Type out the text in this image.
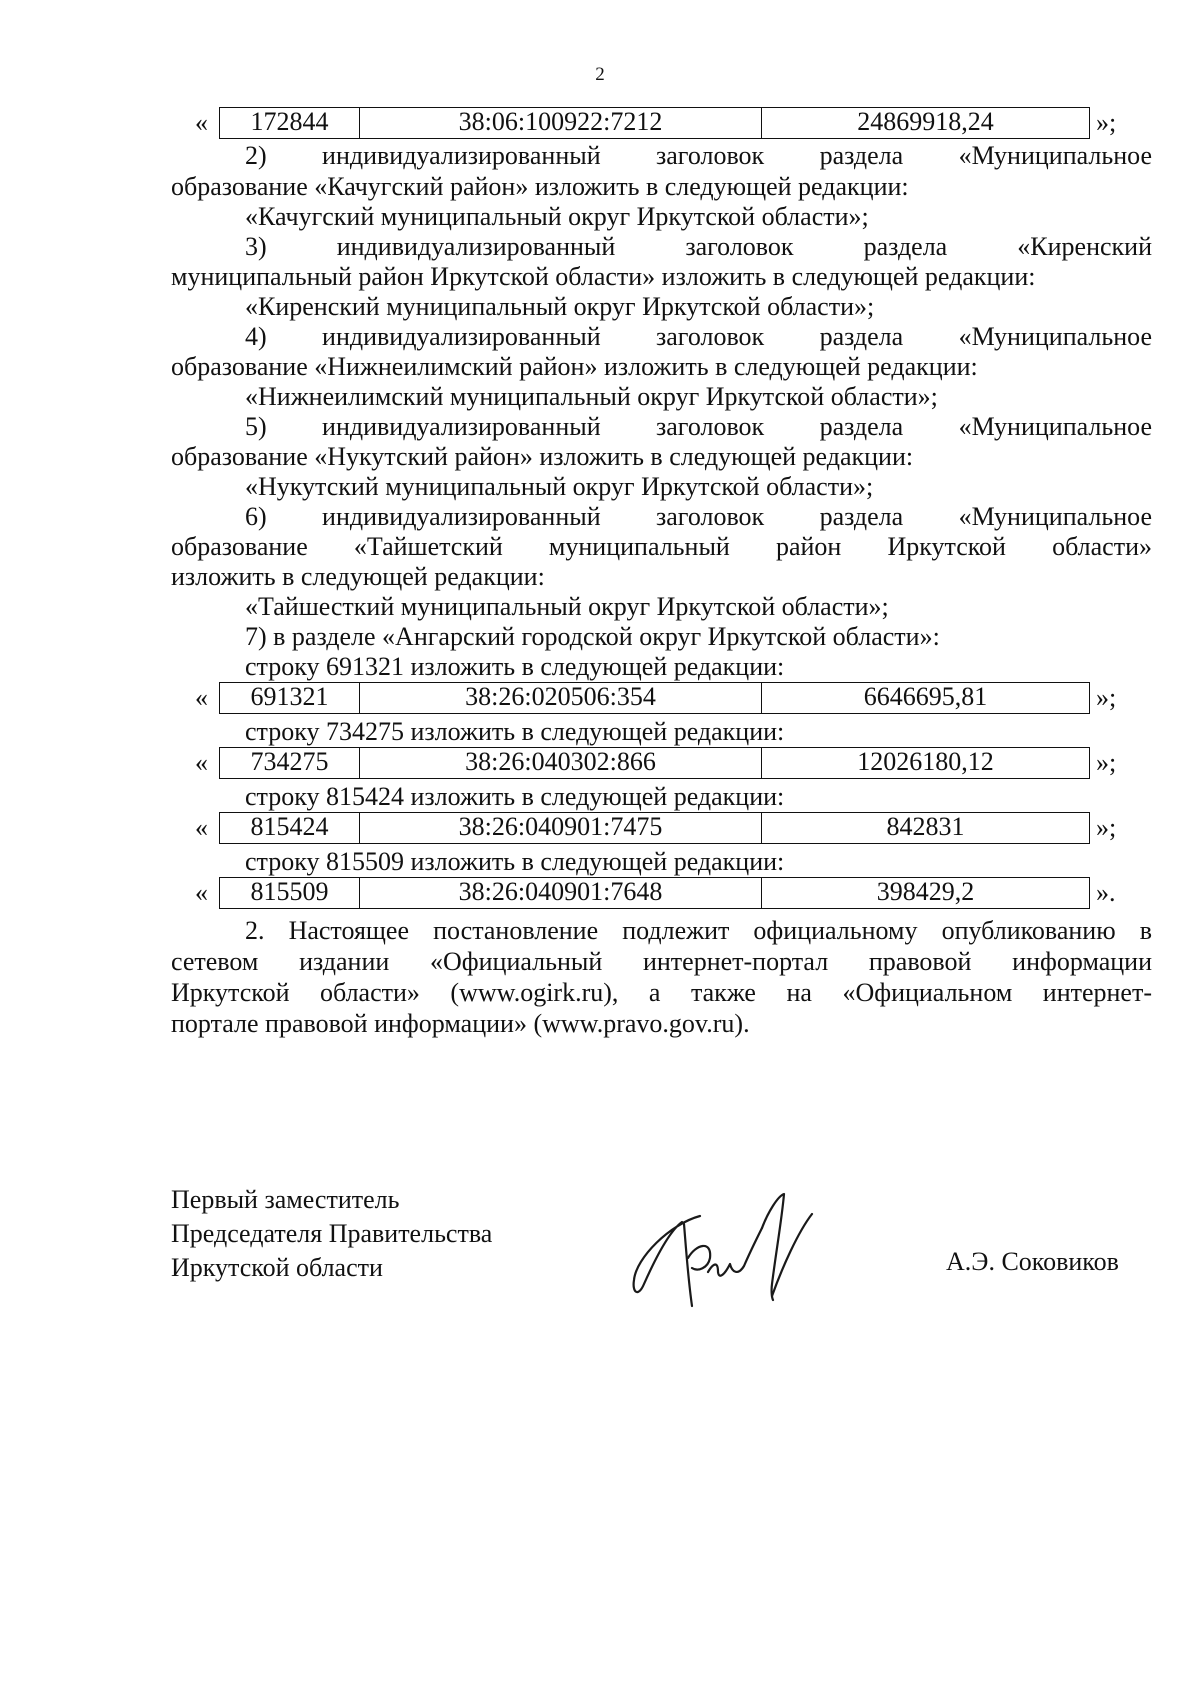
2
«	172844	38:06:100922:7212	24869918,24	»;
2) индивидуализированный заголовок раздела «Муниципальное
образование «Качугский район» изложить в следующей редакции:
«Качугский муниципальный округ Иркутской области»;
3) индивидуализированный заголовок раздела «Киренский
муниципальный район Иркутской области» изложить в следующей редакции:
«Киренский муниципальный округ Иркутской области»;
4) индивидуализированный заголовок раздела «Муниципальное
образование «Нижнеилимский район» изложить в следующей редакции:
«Нижнеилимский муниципальный округ Иркутской области»;
5) индивидуализированный заголовок раздела «Муниципальное
образование «Нукутский район» изложить в следующей редакции:
«Нукутский муниципальный округ Иркутской области»;
6) индивидуализированный заголовок раздела «Муниципальное
образование «Тайшетский муниципальный район Иркутской области»
изложить в следующей редакции:
«Тайшесткий муниципальный округ Иркутской области»;
7) в разделе «Ангарский городской округ Иркутской области»:
строку 691321 изложить в следующей редакции:
«	691321	38:26:020506:354	6646695,81	»;
строку 734275 изложить в следующей редакции:
«	734275	38:26:040302:866	12026180,12	»;
строку 815424 изложить в следующей редакции:
«	815424	38:26:040901:7475	842831	»;
строку 815509 изложить в следующей редакции:
«	815509	38:26:040901:7648	398429,2	».
2. Настоящее постановление подлежит официальному опубликованию в
сетевом издании «Официальный интернет-портал правовой информации
Иркутской области» (www.ogirk.ru), а также на «Официальном интернет-
портале правовой информации» (www.pravo.gov.ru).
Первый заместитель
Председателя Правительства
Иркутской области	А.Э. Соковиков
